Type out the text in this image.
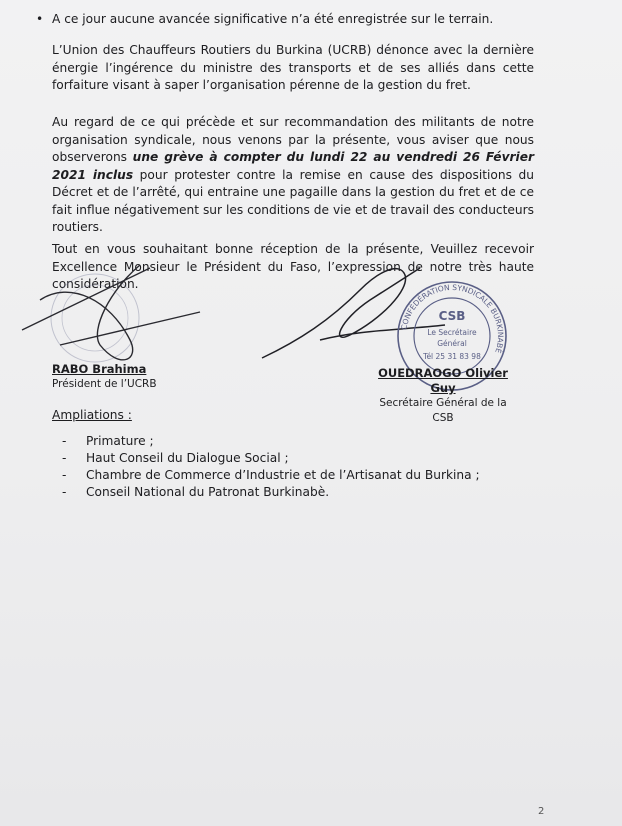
• A ce jour aucune avancée significative n’a été enregistrée sur le terrain.
L’Union des Chauffeurs Routiers du Burkina (UCRB) dénonce avec la dernière énergie l’ingérence du ministre des transports et de ses alliés dans cette forfaiture visant à saper l’organisation pérenne de la gestion du fret.
Au regard de ce qui précède et sur recommandation des militants de notre organisation syndicale, nous venons par la présente, vous aviser que nous observerons une grève à compter du lundi 22 au vendredi 26 Février 2021 inclus pour protester contre la remise en cause des dispositions du Décret et de l’arrêté, qui entraine une pagaille dans la gestion du fret et de ce fait influe négativement sur les conditions de vie et de travail des conducteurs routiers.
Tout en vous souhaitant bonne réception de la présente, Veuillez recevoir Excellence Monsieur le Président du Faso, l’expression de notre très haute considération.
CONFÉDÉRATION SYNDICALE BURKINABÈ
CSB
Le Secrétaire
Général
Tél 25 31 83 98
RABO Brahima
Président de l’UCRB
OUEDRAOGO Olivier Guy
Secrétaire Général de la CSB
Ampliations :
- Primature ;
- Haut Conseil du Dialogue Social ;
- Chambre de Commerce d’Industrie et de l’Artisanat du Burkina ;
- Conseil National du Patronat Burkinabè.
2
